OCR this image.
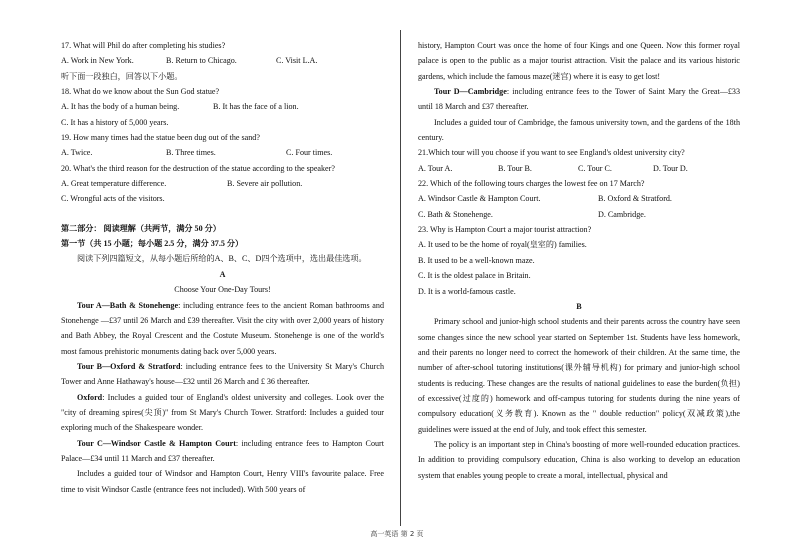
17. What will Phil do after completing his studies?
A. Work in New York.	B. Return to Chicago.	C. Visit L.A.
听下面一段独白，回答以下小题。
18. What do we know about the Sun God statue?
A. It has the body of a human being.	B. It has the face of a lion.
C. It has a history of 5,000 years.
19. How many times had the statue been dug out of the sand?
A. Twice.	B. Three times.	C. Four times.
20. What's the third reason for the destruction of the statue according to the speaker?
A. Great temperature difference.	B. Severe air pollution.
C. Wrongful acts of the visitors.
第二部分： 阅读理解（共两节，满分 50 分）
第一节（共 15 小题；每小题 2.5 分，满分 37.5 分）
阅读下列四篇短文，从每小题后所给的A、B、C、D四个选项中，选出最佳选项。
A
Choose Your One-Day Tours!
Tour A—Bath & Stonehenge: including entrance fees to the ancient Roman bathrooms and Stonehenge —£37 until 26 March and £39 thereafter. Visit the city with over 2,000 years of history and Bath Abbey, the Royal Crescent and the Costute Museum. Stonehenge is one of the world's most famous prehistoric monuments dating back over 5,000 years.
Tour B—Oxford & Stratford: including entrance fees to the University St Mary's Church Tower and Anne Hathaway's house—£32 until 26 March and £ 36 thereafter.
Oxford: Includes a guided tour of England's oldest university and colleges. Look over the "city of dreaming spires(尖顶)" from St Mary's Church Tower. Stratford: Includes a guided tour exploring much of the Shakespeare wonder.
Tour C—Windsor Castle & Hampton Court: including entrance fees to Hampton Court Palace—£34 until 11 March and £37 thereafter.
Includes a guided tour of Windsor and Hampton Court, Henry VIII's favourite palace. Free time to visit Windsor Castle (entrance fees not included). With 500 years of
history, Hampton Court was once the home of four Kings and one Queen. Now this former royal palace is open to the public as a major tourist attraction. Visit the palace and its various historic gardens, which include the famous maze(迷宫) where it is easy to get lost!
Tour D—Cambridge: including entrance fees to the Tower of Saint Mary the Great—£33 until 18 March and £37 thereafter.
Includes a guided tour of Cambridge, the famous university town, and the gardens of the 18th century.
21.Which tour will you choose if you want to see England's oldest university city?
A. Tour A.	B. Tour B.	C. Tour C.	D. Tour D.
22. Which of the following tours charges the lowest fee on 17 March?
A. Windsor Castle & Hampton Court.	B. Oxford & Stratford.
C. Bath & Stonehenge.	D. Cambridge.
23. Why is Hampton Court a major tourist attraction?
A. It used to be the home of royal(皇室的) families.
B. It used to be a well-known maze.
C. It is the oldest palace in Britain.
D. It is a world-famous castle.
B
Primary school and junior-high school students and their parents across the country have seen some changes since the new school year started on September 1st. Students have less homework, and their parents no longer need to correct the homework of their children. At the same time, the number of after-school tutoring institutions(课外辅导机构) for primary and junior-high school students is reducing. These changes are the results of national guidelines to ease the burden(负担) of excessive(过度的) homework and off-campus tutoring for students during the nine years of compulsory education(义务教育). Known as the " double reduction" policy(双减政策),the guidelines were issued at the end of July, and took effect this semester.
The policy is an important step in China's boosting of more well-rounded education practices. In addition to providing compulsory education, China is also working to develop an education system that enables young people to create a moral, intellectual, physical and
高一英语 第 2 页
